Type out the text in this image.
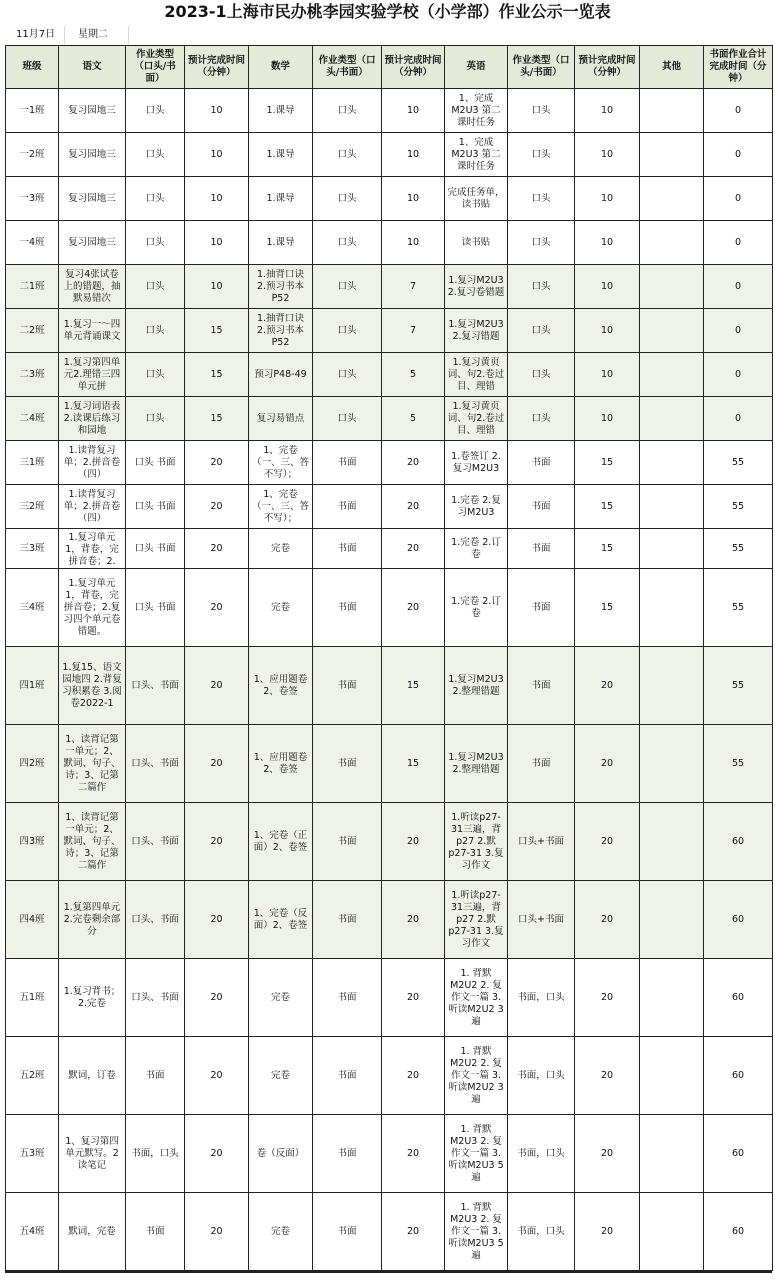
2023-1上海市民办桃李园实验学校（小学部）作业公示一览表
11月7日 星期二
班级	语文	作业类型（口头/书面）	预计完成时间（分钟）	数学	作业类型（口头/书面）	预计完成时间（分钟）	英语	作业类型（口头/书面）	预计完成时间（分钟）	其他	书面作业合计完成时间（分钟）

一1班	复习园地三	口头	10	1.课导	口头	10	1、完成M2U3 第二课时任务	口头	10		0

一2班	复习园地三	口头	10	1.课导	口头	10	1、完成M2U3 第二课时任务	口头	10		0

一3班	复习园地三	口头	10	1.课导	口头	10	完成任务单，读书贴	口头	10		0

一4班	复习园地三	口头	10	1.课导	口头	10	读书贴	口头	10		0

二1班	复习4张试卷上的错题，抽默易错次	口头	10	1.抽背口诀 2.预习书本P52	口头	7	1.复习M2U3 2.复习卷错题	口头	10		0

二2班	1.复习一～四单元背诵课文	口头	15	1.抽背口诀 2.预习书本P52	口头	7	1.复习M2U3 2.复习错题	口头	10		0

二3班	1.复习第四单元2.理错三四单元拼	口头	15	预习P48-49	口头	5	1.复习黄页词、句2.卷过目、理错	口头	10		0

二4班	1.复习词语表2.读课后练习和园地	口头	15	复习易错点	口头	5	1.复习黄页词、句2.卷过目、理错	口头	10		0

三1班	1.读背复习单；2.拼音卷（四）	口头 书面	20	1、完卷（一、三、答不写）；	书面	20	1.卷签订 2.复习M2U3	书面	15		55

三2班	1.读背复习单；2.拼音卷（四）	口头 书面	20	1、完卷（一、三、答不写）；	书面	20	1.完卷 2.复习M2U3	书面	15		55

三3班	1.复习单元1，背卷，完拼音卷；2.	口头 书面	20	完卷	书面	20	1.完卷 2.订卷	书面	15		55

三4班	1.复习单元1，背卷，完拼音卷；2.复习四个单元卷错题。	口头 书面	20	完卷	书面	20	1.完卷 2.订卷	书面	15		55

四1班	1.复15、语文园地四 2.背复习积累卷 3.阅卷2022-1	口头、书面	20	1、应用题卷 2、卷签	书面	15	1.复习M2U3 2.整理错题	书面	20		55

四2班	1、读背记第一单元；2、默词、句子、诗；3、记第二篇作	口头、书面	20	1、应用题卷 2、卷签	书面	15	1.复习M2U3 2.整理错题	书面	20		55

四3班	1、读背记第一单元；2、默词、句子、诗；3、记第二篇作	口头、书面	20	1、完卷（正面）2、卷签	书面	20	1.听读p27-31三遍，背p27 2.默p27-31 3.复习作文	口头+书面	20		60

四4班	1.复第四单元 2.完卷剩余部分	口头、书面	20	1、完卷（反面）2、卷签	书面	20	1.听读p27-31三遍，背p27 2.默p27-31 3.复习作文	口头+书面	20		60

五1班	1.复习背书；2.完卷	口头、书面	20	完卷	书面	20	1. 背默M2U2 2. 复作文一篇 3.听读M2U2 3遍	书面，口头	20		60

五2班	默词，订卷	书面	20	完卷	书面	20	1. 背默M2U2 2. 复作文一篇 3.听读M2U2 3遍	书面，口头	20		60

五3班	1、复习第四单元默写。2读笔记	书面，口头	20	卷（反面）	书面	20	1. 背默M2U3 2. 复作文一篇 3.听读M2U3 5遍	书面，口头	20		60

五4班	默词，完卷	书面	20	完卷	书面	20	1. 背默M2U3 2. 复作文一篇 3.听读M2U3 5遍	书面，口头	20		60
